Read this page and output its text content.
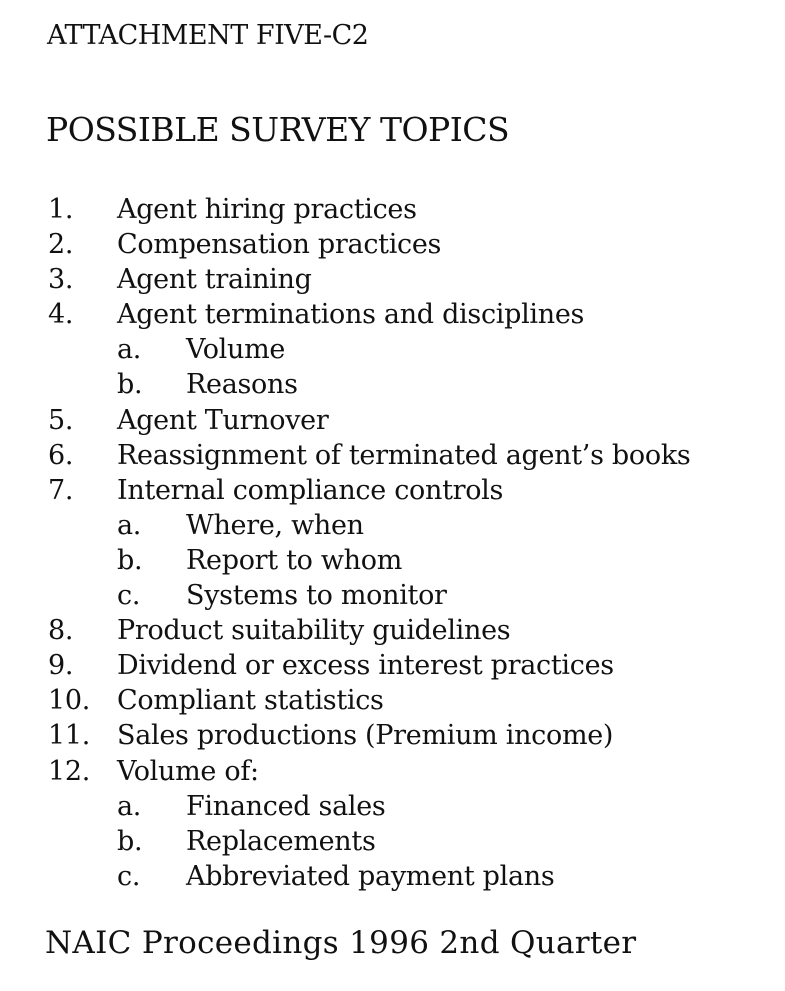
ATTACHMENT FIVE-C2
POSSIBLE SURVEY TOPICS
1. Agent hiring practices
2. Compensation practices
3. Agent training
4. Agent terminations and disciplines
a. Volume
b. Reasons
5. Agent Turnover
6. Reassignment of terminated agent’s books
7. Internal compliance controls
a. Where, when
b. Report to whom
c. Systems to monitor
8. Product suitability guidelines
9. Dividend or excess interest practices
10. Compliant statistics
11. Sales productions (Premium income)
12. Volume of:
a. Financed sales
b. Replacements
c. Abbreviated payment plans
NAIC Proceedings 1996 2nd Quarter
